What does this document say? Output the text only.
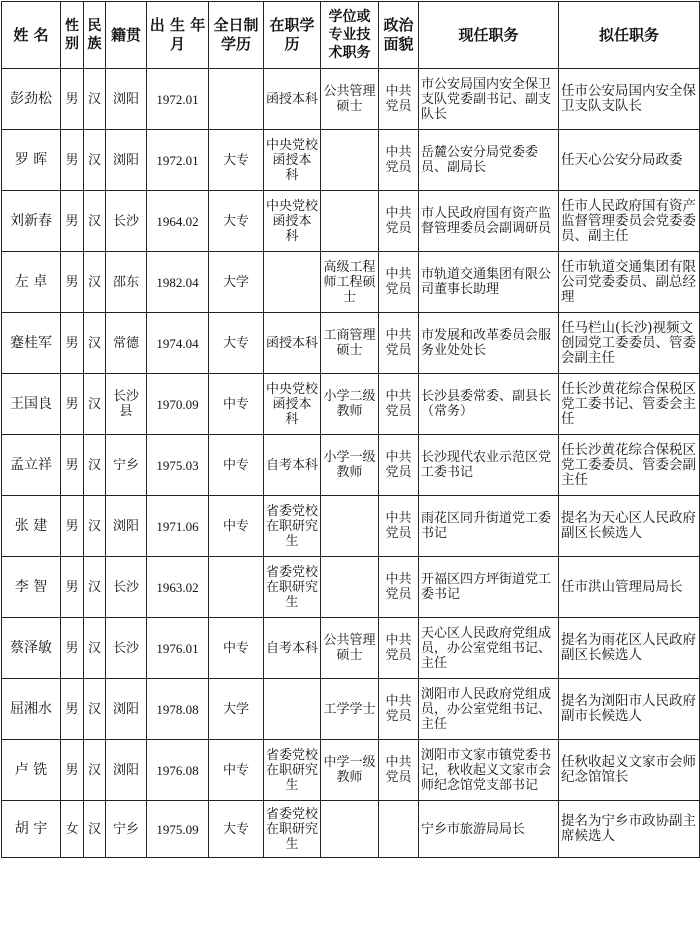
姓 名	性别	民族	籍贯	出 生 年 月	全日制学历	在职学历	学位或专业技术职务	政治面貌	现任职务	拟任职务
彭劲松	男	汉	浏阳	1972.01		函授本科	公共管理硕士	中共党员	市公安局国内安全保卫支队党委副书记、副支队长	任市公安局国内安全保卫支队支队长
罗 晖	男	汉	浏阳	1972.01	大专	中央党校函授本 科		中共党员	岳麓公安分局党委委员、副局长	任天心公安分局政委
刘新春	男	汉	长沙	1964.02	大专	中央党校函授本 科		中共党员	市人民政府国有资产监督管理委员会副调研员	任市人民政府国有资产监督管理委员会党委委员、副主任
左 卓	男	汉	邵东	1982.04	大学		高级工程师工程硕士	中共党员	市轨道交通集团有限公司董事长助理	任市轨道交通集团有限公司党委委员、副总经理
蹇桂军	男	汉	常德	1974.04	大专	函授本科	工商管理硕士	中共党员	市发展和改革委员会服务业处处长	任马栏山(长沙)视频文创园党工委委员、管委会副主任
王国良	男	汉	长沙县	1970.09	中专	中央党校函授本 科	小学二级教师	中共党员	长沙县委常委、副县长（常务）	任长沙黄花综合保税区党工委书记、管委会主任
孟立祥	男	汉	宁乡	1975.03	中专	自考本科	小学一级教师	中共党员	长沙现代农业示范区党工委书记	任长沙黄花综合保税区党工委委员、管委会副主任
张 建	男	汉	浏阳	1971.06	中专	省委党校在职研究生		中共党员	雨花区同升街道党工委书记	提名为天心区人民政府副区长候选人
李 智	男	汉	长沙	1963.02		省委党校在职研究生		中共党员	开福区四方坪街道党工委书记	任市洪山管理局局长
蔡泽敏	男	汉	长沙	1976.01	中专	自考本科	公共管理硕士	中共党员	天心区人民政府党组成员，办公室党组书记、主任	提名为雨花区人民政府副区长候选人
屈湘水	男	汉	浏阳	1978.08	大学		工学学士	中共党员	浏阳市人民政府党组成员，办公室党组书记、主任	提名为浏阳市人民政府副市长候选人
卢 铣	男	汉	浏阳	1976.08	中专	省委党校在职研究生	中学一级教师	中共党员	浏阳市文家市镇党委书记，秋收起义文家市会师纪念馆党支部书记	任秋收起义文家市会师纪念馆馆长
胡 宇	女	汉	宁乡	1975.09	大专	省委党校在职研究生			宁乡市旅游局局长	提名为宁乡市政协副主席候选人
